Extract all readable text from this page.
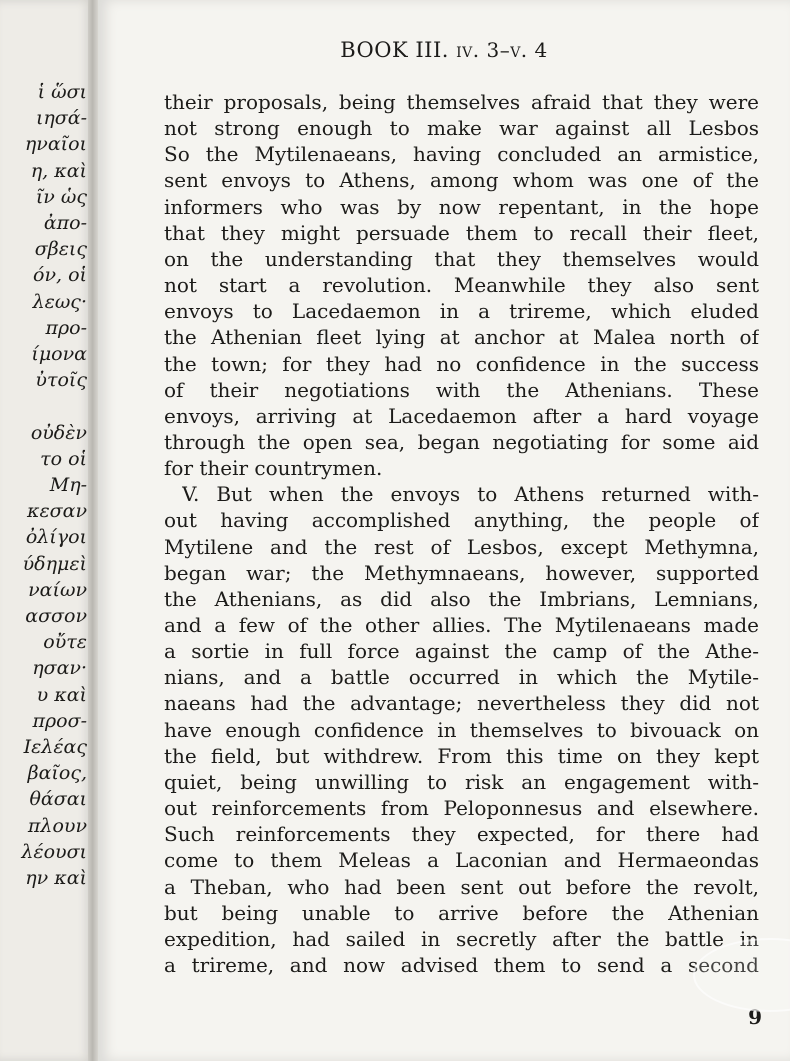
ἱ ὥσι
ιησά-
ηναῖοι
η, καὶ
ῖν ὡς
ἀπο-
σβεις
όν, οἱ
λεως·
προ-
ίμονα
ὐτοῖς
οὐδὲν
το οἱ
Μη-
κεσαν
ὀλίγοι
ύδημεὶ
ναίων
ασσον
οὔτε
ησαν·
υ καὶ
προσ-
Ιελέας
βαῖος,
θάσαι
πλουν
λέουσι
ην καὶ
BOOK III. iv. 3–v. 4
their proposals, being themselves afraid that they were
not strong enough to make war against all Lesbos
So the Mytilenaeans, having concluded an armistice,
sent envoys to Athens, among whom was one of the
informers who was by now repentant, in the hope
that they might persuade them to recall their fleet,
on the understanding that they themselves would
not start a revolution. Meanwhile they also sent
envoys to Lacedaemon in a trireme, which eluded
the Athenian fleet lying at anchor at Malea north of
the town; for they had no confidence in the success
of their negotiations with the Athenians. These
envoys, arriving at Lacedaemon after a hard voyage
through the open sea, began negotiating for some aid
for their countrymen.
V. But when the envoys to Athens returned with-
out having accomplished anything, the people of
Mytilene and the rest of Lesbos, except Methymna,
began war; the Methymnaeans, however, supported
the Athenians, as did also the Imbrians, Lemnians,
and a few of the other allies. The Mytilenaeans made
a sortie in full force against the camp of the Athe-
nians, and a battle occurred in which the Mytile-
naeans had the advantage; nevertheless they did not
have enough confidence in themselves to bivouack on
the field, but withdrew. From this time on they kept
quiet, being unwilling to risk an engagement with-
out reinforcements from Peloponnesus and elsewhere.
Such reinforcements they expected, for there had
come to them Meleas a Laconian and Hermaeondas
a Theban, who had been sent out before the revolt,
but being unable to arrive before the Athenian
expedition, had sailed in secretly after the battle in
a trireme, and now advised them to send a second
9
